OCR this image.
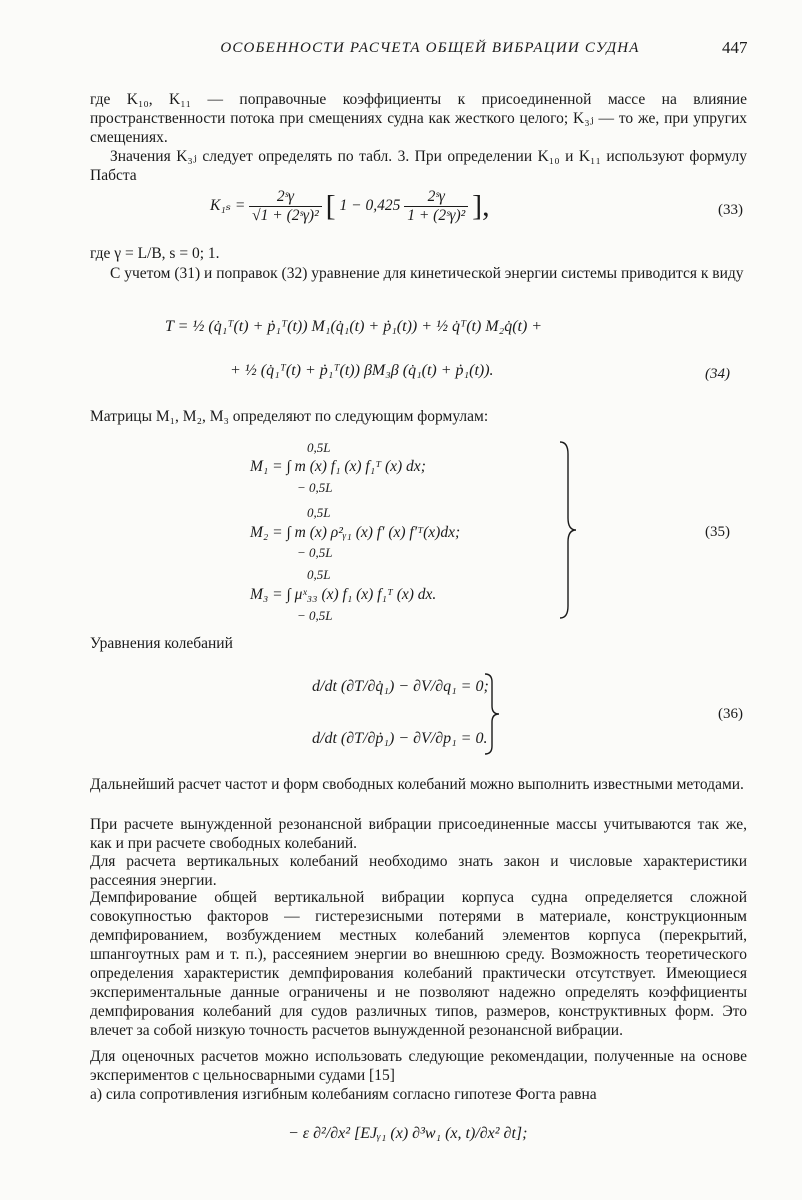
ОСОБЕННОСТИ РАСЧЕТА ОБЩЕЙ ВИБРАЦИИ СУДНА	447

где K₁₀, K₁₁ — поправочные коэффициенты к присоединенной массе на влияние пространственности потока при смещениях судна как жесткого целого; K₃ⱼ — то же, при упругих смещениях.

Значения K₃ⱼ следует определять по табл. 3. При определении K₁₀ и K₁₁ используют формулу Пабста

$K_{1s} = \frac{\text{2ˢγ}}{\text{√1 + (2ˢγ)²}}$ [ $1 - 0,425 \frac{\text{2ˢγ}}{\text{1 + (2ˢγ)²}}$ ],	(33)

где γ = L/B, s = 0; 1.

С учетом (31) и поправок (32) уравнение для кинетической энергии системы приводится к виду

T = ½ (q̇₁ᵀ(t) + ṗ₁ᵀ(t)) M₁(q̇₁(t) + ṗ₁(t)) + ½ q̇ᵀ(t) M₂q̇(t) +
+ ½ (q̇₁ᵀ(t) + ṗ₁ᵀ(t)) βM₃β (q̇₁(t) + ṗ₁(t)).	(34)

Матрицы M₁, M₂, M₃ определяют по следующим формулам:

0,5L
M₁ = ∫ m (x) f₁ (x) f₁ᵀ (x) dx;
− 0,5L
0,5L
M₂ = ∫ m (x) ρ²ᵧ₁ (x) f′ (x) f′ᵀ(x)dx;
− 0,5L
0,5L
M₃ = ∫ μˣ₃₃ (x) f₁ (x) f₁ᵀ (x) dx.
− 0,5L
(35)

Уравнения колебаний

d/dt (∂T/∂q̇₁) − ∂V/∂q₁ = 0;
d/dt (∂T/∂ṗ₁) − ∂V/∂p₁ = 0.
(36)

Дальнейший расчет частот и форм свободных колебаний можно выполнить известными методами.

При расчете вынужденной резонансной вибрации присоединенные массы учитываются так же, как и при расчете свободных колебаний.

Для расчета вертикальных колебаний необходимо знать закон и числовые характеристики рассеяния энергии.

Демпфирование общей вертикальной вибрации корпуса судна определяется сложной совокупностью факторов — гистерезисными потерями в материале, конструкционным демпфированием, возбуждением местных колебаний элементов корпуса (перекрытий, шпангоутных рам и т. п.), рассеянием энергии во внешнюю среду. Возможность теоретического определения характеристик демпфирования колебаний практически отсутствует. Имеющиеся экспериментальные данные ограничены и не позволяют надежно определять коэффициенты демпфирования колебаний для судов различных типов, размеров, конструктивных форм. Это влечет за собой низкую точность расчетов вынужденной резонансной вибрации.

Для оценочных расчетов можно использовать следующие рекомендации, полученные на основе экспериментов с цельносварными судами [15]

а) сила сопротивления изгибным колебаниям согласно гипотезе Фогта равна

− ε ∂²/∂x² [EJᵧ₁ (x) ∂³w₁ (x, t)/∂x² ∂t];
